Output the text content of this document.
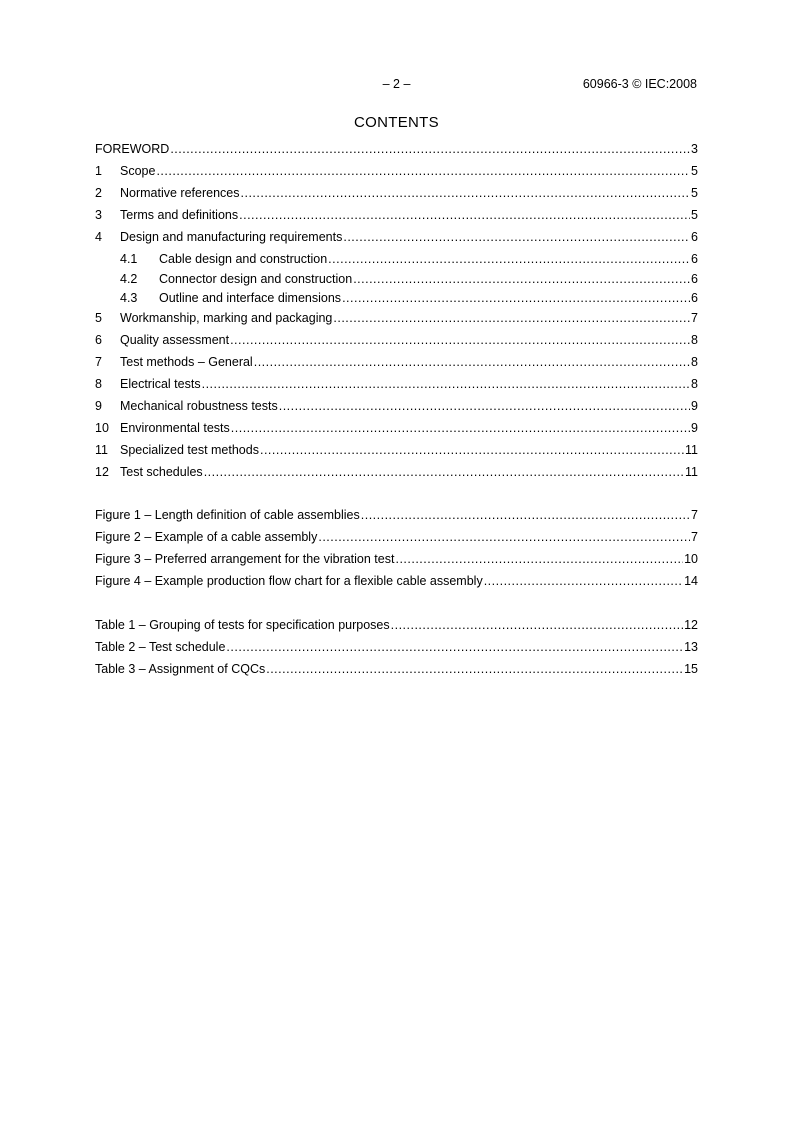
– 2 –	60966-3 © IEC:2008
CONTENTS
FOREWORD .....	3
1	Scope .....	5
2	Normative references .....	5
3	Terms and definitions .....	5
4	Design and manufacturing requirements .....	6
4.1	Cable design and construction .....	6
4.2	Connector design and construction .....	6
4.3	Outline and interface dimensions .....	6
5	Workmanship, marking and packaging .....	7
6	Quality assessment .....	8
7	Test methods – General .....	8
8	Electrical tests .....	8
9	Mechanical robustness tests .....	9
10 Environmental tests .....	9
11 Specialized test methods .....	11
12 Test schedules .....	11
Figure 1 – Length definition of cable assemblies .....	7
Figure 2 – Example of a cable assembly .....	7
Figure 3 – Preferred arrangement for the vibration test .....	10
Figure 4 – Example production flow chart for a flexible cable assembly .....	14
Table 1 – Grouping of tests for specification purposes .....	12
Table 2 – Test schedule .....	13
Table 3 – Assignment of CQCs .....	15
